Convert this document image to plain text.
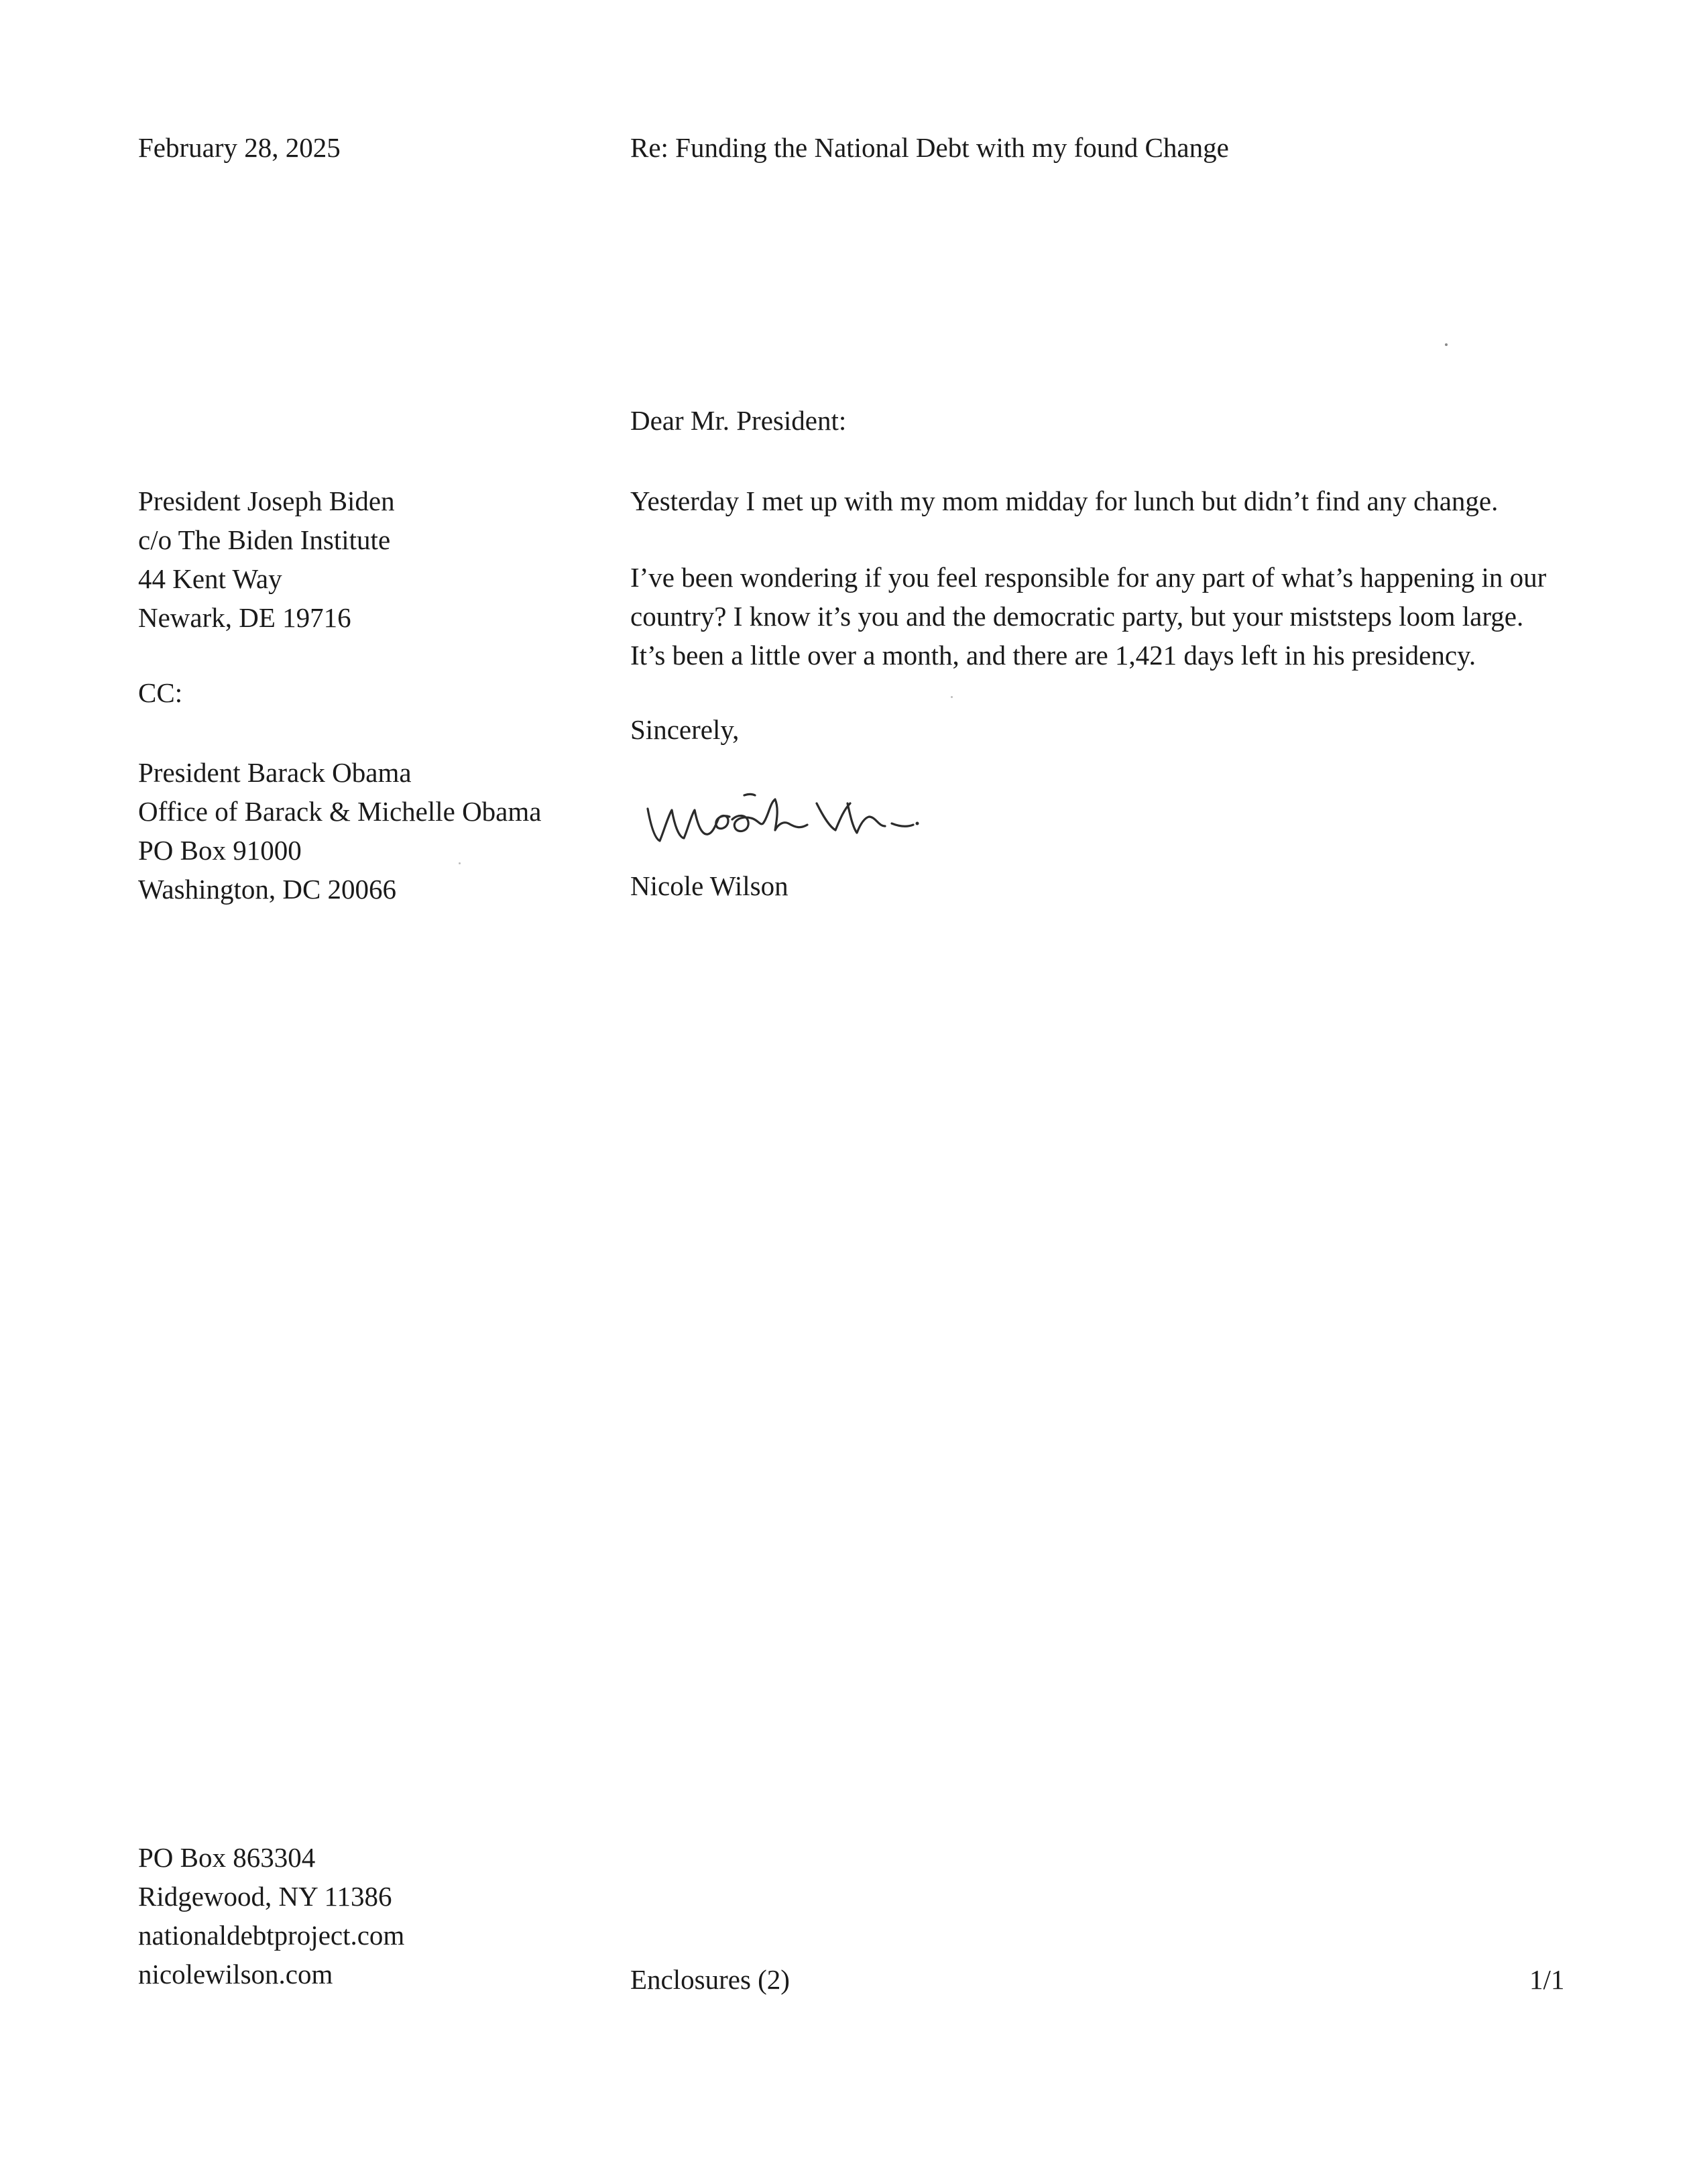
February 28, 2025	Re: Funding the National Debt with my found Change
Dear Mr. President:
President Joseph Biden
c/o The Biden Institute
44 Kent Way
Newark, DE 19716
CC:
President Barack Obama
Office of Barack & Michelle Obama
PO Box 91000
Washington, DC 20066
Yesterday I met up with my mom midday for lunch but didn’t find any change.
I’ve been wondering if you feel responsible for any part of what’s happening in our
country? I know it’s you and the democratic party, but your miststeps loom large.
It’s been a little over a month, and there are 1,421 days left in his presidency.
Sincerely,
Nicole Wilson
PO Box 863304
Ridgewood, NY 11386
nationaldebtproject.com
nicolewilson.com	Enclosures (2)	1/1
